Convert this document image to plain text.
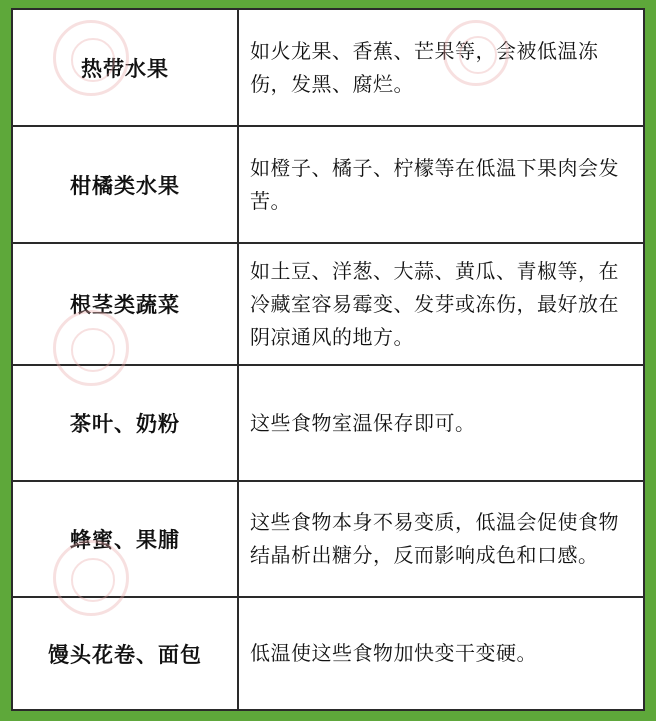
热带水果
如火龙果、香蕉、芒果等，会被低温冻伤，发黑、腐烂。
柑橘类水果
如橙子、橘子、柠檬等在低温下果肉会发苦。
根茎类蔬菜
如土豆、洋葱、大蒜、黄瓜、青椒等，在冷藏室容易霉变、发芽或冻伤，最好放在阴凉通风的地方。
茶叶、奶粉	这些食物室温保存即可。
蜂蜜、果脯
这些食物本身不易变质，低温会促使食物结晶析出糖分，反而影响成色和口感。
馒头花卷、面包	低温使这些食物加快变干变硬。
